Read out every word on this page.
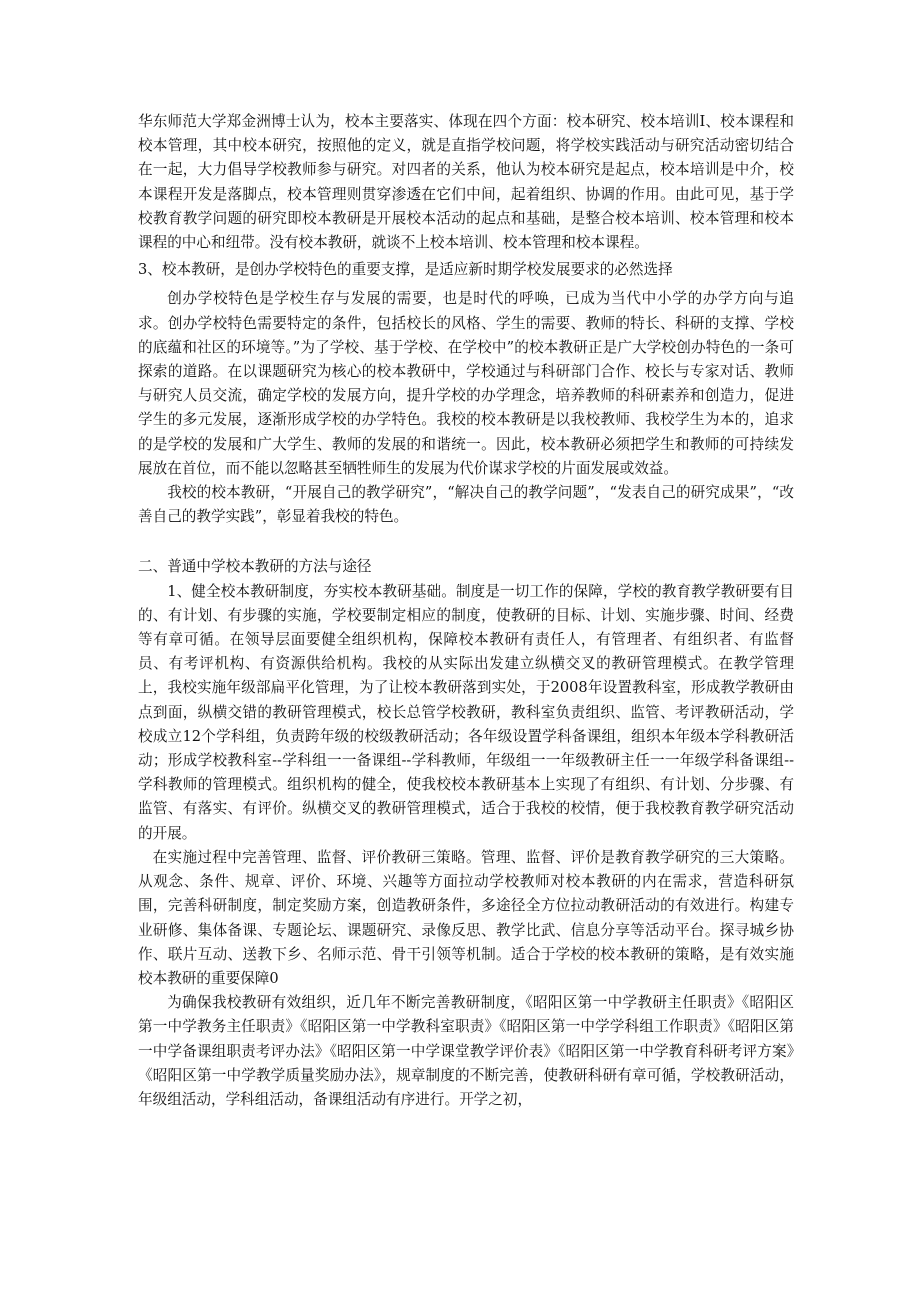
华东师范大学郑金洲博士认为，校本主要落实、体现在四个方面：校本研究、校本培训Ⅰ、校本课程和校本管理，其中校本研究，按照他的定义，就是直指学校问题，将学校实践活动与研究活动密切结合在一起，大力倡导学校教师参与研究。对四者的关系，他认为校本研究是起点，校本培训是中介，校本课程开发是落脚点，校本管理则贯穿渗透在它们中间，起着组织、协调的作用。由此可见，基于学校教育教学问题的研究即校本教研是开展校本活动的起点和基础，是整合校本培训、校本管理和校本课程的中心和纽带。没有校本教研，就谈不上校本培训、校本管理和校本课程。

3、校本教研，是创办学校特色的重要支撑，是适应新时期学校发展要求的必然选择

创办学校特色是学校生存与发展的需要，也是时代的呼唤，已成为当代中小学的办学方向与追求。创办学校特色需要特定的条件，包括校长的风格、学生的需要、教师的特长、科研的支撑、学校的底蕴和社区的环境等。”为了学校、基于学校、在学校中”的校本教研正是广大学校创办特色的一条可探索的道路。在以课题研究为核心的校本教研中，学校通过与科研部门合作、校长与专家对话、教师与研究人员交流，确定学校的发展方向，提升学校的办学理念，培养教师的科研素养和创造力，促进学生的多元发展，逐渐形成学校的办学特色。我校的校本教研是以我校教师、我校学生为本的，追求的是学校的发展和广大学生、教师的发展的和谐统一。因此，校本教研必须把学生和教师的可持续发展放在首位，而不能以忽略甚至牺牲师生的发展为代价谋求学校的片面发展或效益。

我校的校本教研，“开展自己的教学研究”，“解决自己的教学问题”，“发表自己的研究成果”，“改善自己的教学实践”，彰显着我校的特色。

二、普通中学校本教研的方法与途径

1、健全校本教研制度，夯实校本教研基础。制度是一切工作的保障，学校的教育教学教研要有目的、有计划、有步骤的实施，学校要制定相应的制度，使教研的目标、计划、实施步骤、时间、经费等有章可循。在领导层面要健全组织机构，保障校本教研有责任人，有管理者、有组织者、有监督员、有考评机构、有资源供给机构。我校的从实际出发建立纵横交叉的教研管理模式。在教学管理上，我校实施年级部扁平化管理，为了让校本教研落到实处，于2008年设置教科室，形成教学教研由点到面，纵横交错的教研管理模式，校长总管学校教研，教科室负责组织、监管、考评教研活动，学校成立12个学科组，负责跨年级的校级教研活动；各年级设置学科备课组，组织本年级本学科教研活动；形成学校教科室--学科组一一备课组--学科教师，年级组一一年级教研主任一一年级学科备课组--学科教师的管理模式。组织机构的健全，使我校校本教研基本上实现了有组织、有计划、分步骤、有监管、有落实、有评价。纵横交叉的教研管理模式，适合于我校的校情，便于我校教育教学研究活动的开展。

在实施过程中完善管理、监督、评价教研三策略。管理、监督、评价是教育教学研究的三大策略。从观念、条件、规章、评价、环境、兴趣等方面拉动学校教师对校本教研的内在需求，营造科研氛围，完善科研制度，制定奖励方案，创造教研条件，多途径全方位拉动教研活动的有效进行。构建专业研修、集体备课、专题论坛、课题研究、录像反思、教学比武、信息分享等活动平台。探寻城乡协作、联片互动、送教下乡、名师示范、骨干引领等机制。适合于学校的校本教研的策略，是有效实施校本教研的重要保障0

为确保我校教研有效组织，近几年不断完善教研制度，《昭阳区第一中学教研主任职责》《昭阳区第一中学教务主任职责》《昭阳区第一中学教科室职责》《昭阳区第一中学学科组工作职责》《昭阳区第一中学备课组职责考评办法》《昭阳区第一中学课堂教学评价表》《昭阳区第一中学教育科研考评方案》《昭阳区第一中学教学质量奖励办法》，规章制度的不断完善，使教研科研有章可循，学校教研活动，年级组活动，学科组活动，备课组活动有序进行。开学之初，
